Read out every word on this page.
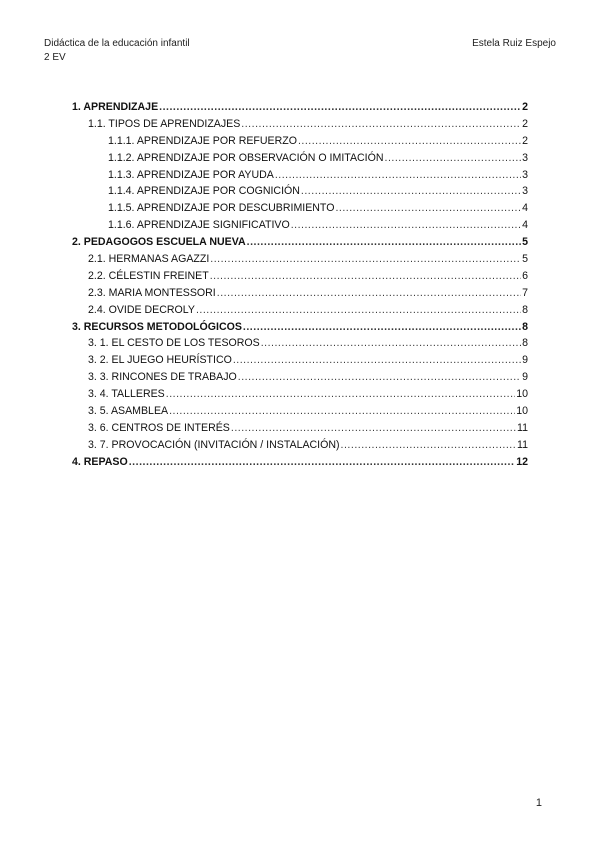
Didáctica de la educación infantil
2 EV
Estela Ruiz Espejo
1. APRENDIZAJE .....	2
1.1. TIPOS DE APRENDIZAJES .....	2
1.1.1. APRENDIZAJE POR REFUERZO .....	2
1.1.2. APRENDIZAJE POR OBSERVACIÓN O IMITACIÓN .....	3
1.1.3. APRENDIZAJE POR AYUDA .....	3
1.1.4. APRENDIZAJE POR COGNICIÓN .....	3
1.1.5. APRENDIZAJE POR DESCUBRIMIENTO .....	4
1.1.6. APRENDIZAJE SIGNIFICATIVO .....	4
2. PEDAGOGOS ESCUELA NUEVA .....	5
2.1. HERMANAS AGAZZI .....	5
2.2. CÉLESTIN FREINET .....	6
2.3. MARIA MONTESSORI .....	7
2.4. OVIDE DECROLY .....	8
3. RECURSOS METODOLÓGICOS .....	8
3. 1. EL CESTO DE LOS TESOROS .....	8
3. 2. EL JUEGO HEURÍSTICO .....	9
3. 3. RINCONES DE TRABAJO .....	9
3. 4. TALLERES .....	10
3. 5. ASAMBLEA .....	10
3. 6. CENTROS DE INTERÉS .....	11
3. 7. PROVOCACIÓN (INVITACIÓN / INSTALACIÓN) .....	11
4. REPASO .....	12
1
